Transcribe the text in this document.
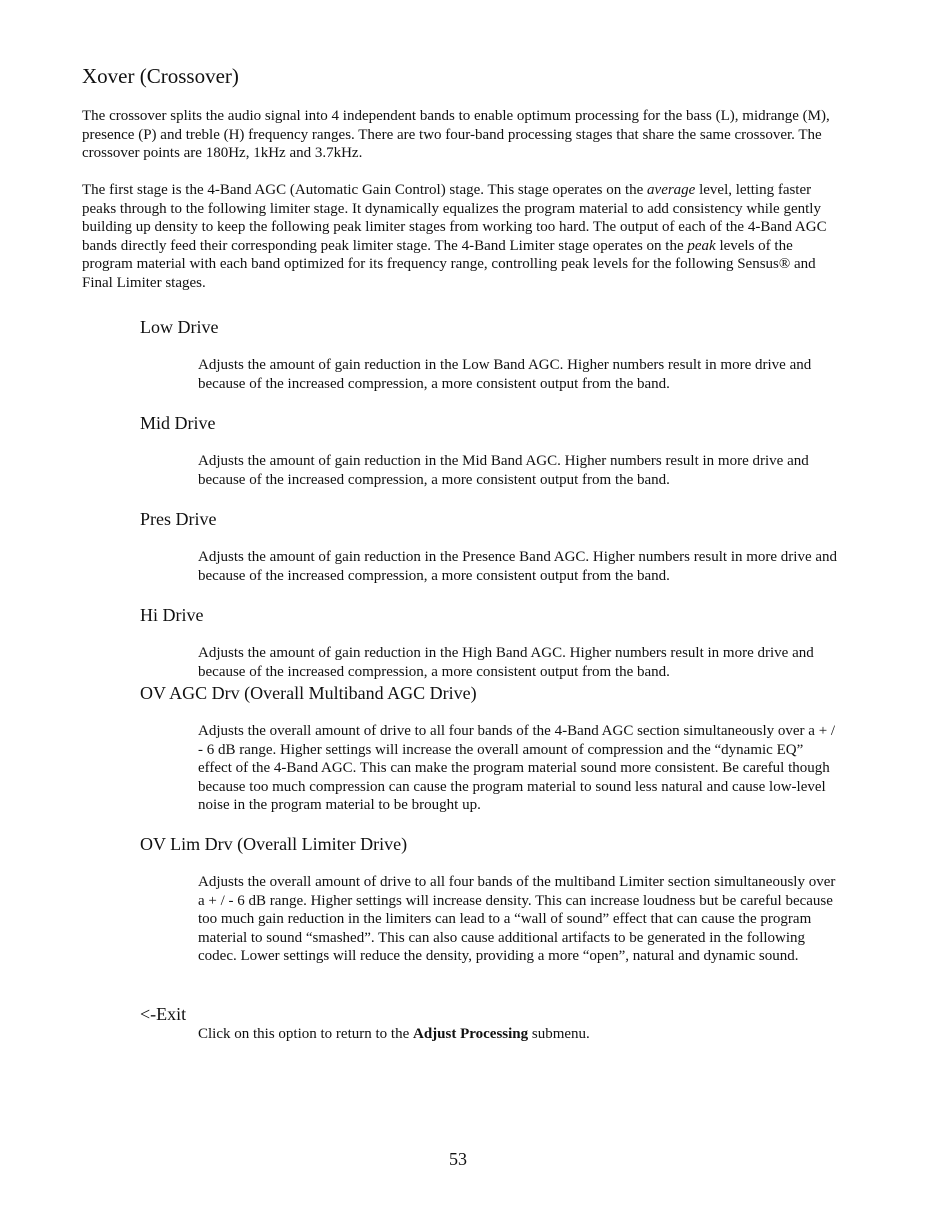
Xover (Crossover)

The crossover splits the audio signal into 4 independent bands to enable optimum processing for the bass (L), midrange (M), presence (P) and treble (H) frequency ranges. There are two four-band processing stages that share the same crossover. The crossover points are 180Hz, 1kHz and 3.7kHz.

The first stage is the 4-Band AGC (Automatic Gain Control) stage. This stage operates on the average level, letting faster peaks through to the following limiter stage. It dynamically equalizes the program material to add consistency while gently building up density to keep the following peak limiter stages from working too hard. The output of each of the 4-Band AGC bands directly feed their corresponding peak limiter stage. The 4-Band Limiter stage operates on the peak levels of the program material with each band optimized for its frequency range, controlling peak levels for the following Sensus® and Final Limiter stages.

Low Drive

Adjusts the amount of gain reduction in the Low Band AGC. Higher numbers result in more drive and because of the increased compression, a more consistent output from the band.

Mid Drive

Adjusts the amount of gain reduction in the Mid Band AGC. Higher numbers result in more drive and because of the increased compression, a more consistent output from the band.

Pres Drive

Adjusts the amount of gain reduction in the Presence Band AGC. Higher numbers result in more drive and because of the increased compression, a more consistent output from the band.

Hi Drive

Adjusts the amount of gain reduction in the High Band AGC. Higher numbers result in more drive and because of the increased compression, a more consistent output from the band.

OV AGC Drv (Overall Multiband AGC Drive)

Adjusts the overall amount of drive to all four bands of the 4-Band AGC section simultaneously over a + / - 6 dB range. Higher settings will increase the overall amount of compression and the “dynamic EQ” effect of the 4-Band AGC. This can make the program material sound more consistent. Be careful though because too much compression can cause the program material to sound less natural and cause low-level noise in the program material to be brought up.

OV Lim Drv (Overall Limiter Drive)

Adjusts the overall amount of drive to all four bands of the multiband Limiter section simultaneously over a + / - 6 dB range. Higher settings will increase density. This can increase loudness but be careful because too much gain reduction in the limiters can lead to a “wall of sound” effect that can cause the program material to sound “smashed”. This can also cause additional artifacts to be generated in the following codec. Lower settings will reduce the density, providing a more “open”, natural and dynamic sound.

<-Exit

Click on this option to return to the Adjust Processing submenu.

53
